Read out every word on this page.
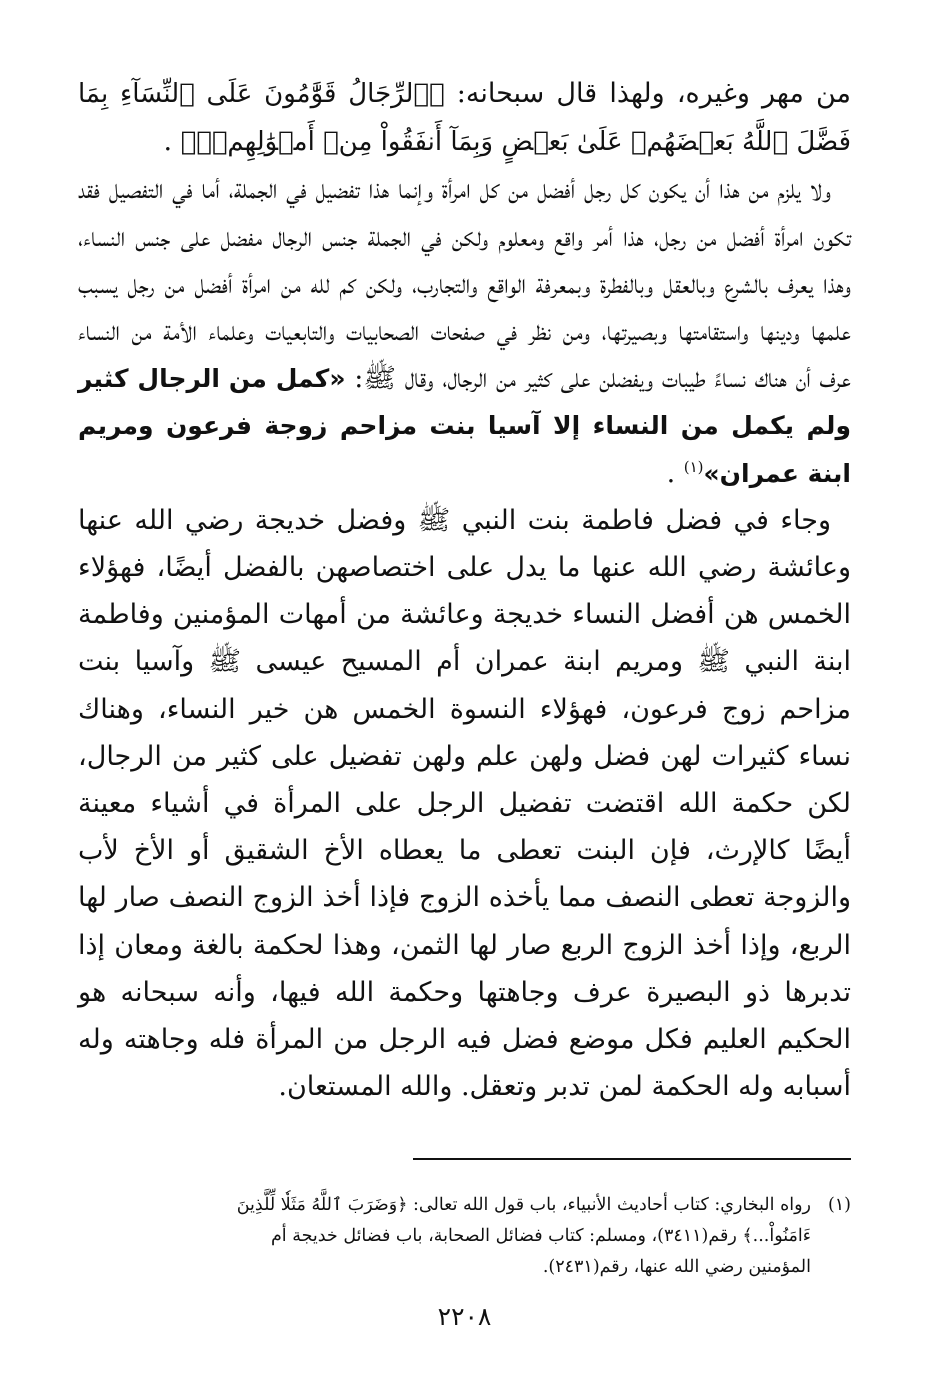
من مهر وغيره، ولهذا قال سبحانه: ﴿ٱلرِّجَالُ قَوَّٰمُونَ عَلَى ٱلنِّسَآءِ بِمَا فَضَّلَ ٱللَّهُ بَعۡضَهُمۡ عَلَىٰ بَعۡضٍ وَبِمَآ أَنفَقُواْ مِنۡ أَمۡوَٰلِهِمۡۚ﴾ .

ولا يلزم من هذا أن يكون كل رجل أفضل من كل امرأة وإنما هذا تفضيل في الجملة، أما في التفصيل فقد تكون امرأة أفضل من رجل، هذا أمر واقع ومعلوم ولكن في الجملة جنس الرجال مفضل على جنس النساء، وهذا يعرف بالشرع وبالعقل وبالفطرة وبمعرفة الواقع والتجارب، ولكن كم لله من امرأة أفضل من رجل يسبب علمها ودينها واستقامتها وبصيرتها، ومن نظر في صفحات الصحابيات والتابعيات وعلماء الأمة من النساء عرف أن هناك نساءً طيبات ويفضلن على كثير من الرجال، وقال ﷺ: «كمل من الرجال كثير ولم يكمل من النساء إلا آسيا بنت مزاحم زوجة فرعون ومريم ابنة عمران»$^{(١)}$ .

وجاء في فضل فاطمة بنت النبي ﷺ وفضل خديجة رضي الله عنها وعائشة رضي الله عنها ما يدل على اختصاصهن بالفضل أيضًا، فهؤلاء الخمس هن أفضل النساء خديجة وعائشة من أمهات المؤمنين وفاطمة ابنة النبي ﷺ ومريم ابنة عمران أم المسيح عيسى ﷺ وآسيا بنت مزاحم زوج فرعون، فهؤلاء النسوة الخمس هن خير النساء، وهناك نساء كثيرات لهن فضل ولهن علم ولهن تفضيل على كثير من الرجال، لكن حكمة الله اقتضت تفضيل الرجل على المرأة في أشياء معينة أيضًا كالإرث، فإن البنت تعطى ما يعطاه الأخ الشقيق أو الأخ لأب والزوجة تعطى النصف مما يأخذه الزوج فإذا أخذ الزوج النصف صار لها الربع، وإذا أخذ الزوج الربع صار لها الثمن، وهذا لحكمة بالغة ومعان إذا تدبرها ذو البصيرة عرف وجاهتها وحكمة الله فيها، وأنه سبحانه هو الحكيم العليم فكل موضع فضل فيه الرجل من المرأة فله وجاهته وله أسبابه وله الحكمة لمن تدبر وتعقل. والله المستعان.

(١)رواه البخاري: كتاب أحاديث الأنبياء، باب قول الله تعالى: ﴿وَضَرَبَ ٱللَّهُ مَثَلٗا لِّلَّذِينَ

ءَامَنُواْ...﴾ رقم(٣٤١١)، ومسلم: كتاب فضائل الصحابة، باب فضائل خديجة أم

المؤمنين رضي الله عنها، رقم(٢٤٣١).

٢٢٠٨
